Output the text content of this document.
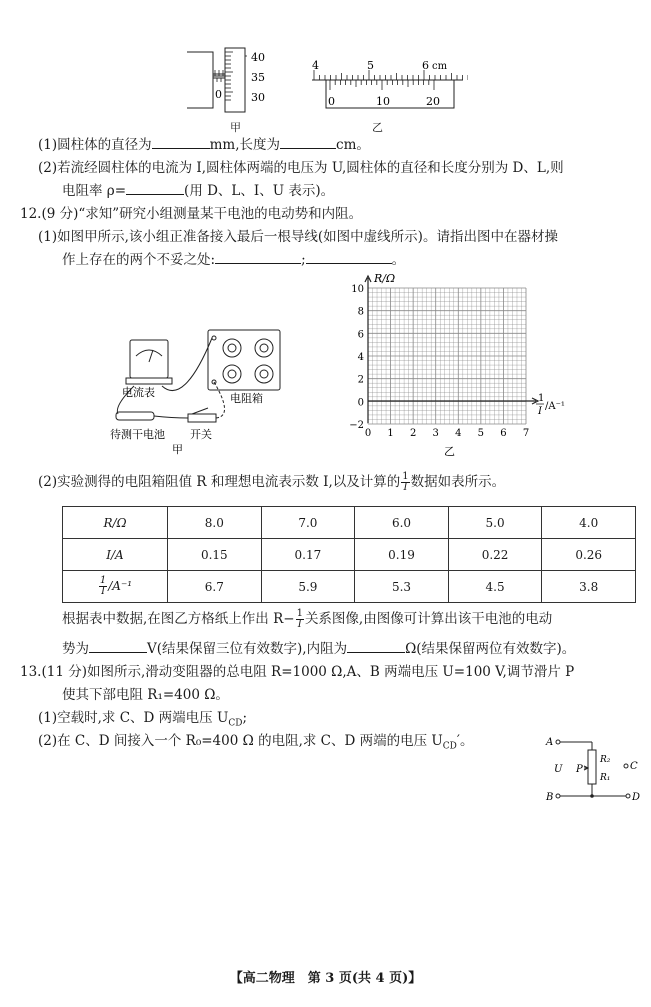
40
35
30
0
甲
4	5	6 cm
0	10	20
乙
(1)圆柱体的直径为	mm,长度为	cm。
(2)若流经圆柱体的电流为 I,圆柱体两端的电压为 U,圆柱体的直径和长度分别为 D、L,则
电阻率 ρ=	(用 D、L、I、U 表示)。
12.(9 分)“求知”研究小组测量某干电池的电动势和内阻。
(1)如图甲所示,该小组正准备接入最后一根导线(如图中虚线所示)。请指出图中在器材操
作上存在的两个不妥之处:	;	。
电流表	电阻箱
待测干电池 开关
甲
R/Ω
1
I /A⁻¹
10
8
6
4
2
0
−2
0 1 2 3 4 5 6 7
乙
(2)实验测得的电阻箱阻值 R 和理想电流表示数 I,以及计算的 $\frac{1}{I}$ 数据如表所示。
R/Ω	8.0	7.0	6.0	5.0	4.0
I/A	0.15	0.17	0.19	0.22	0.26

$\frac{1}{I} /A^{-1}$	6.7	5.9	5.3	4.5	3.8
根据表中数据,在图乙方格纸上作出 $R- \frac{1}{I}$ 关系图像,由图像可计算出该干电池的电动
势为	V(结果保留三位有效数字),内阻为	Ω(结果保留两位有效数字)。
13.(11 分)如图所示,滑动变阻器的总电阻 R=1000 Ω,A、B 两端电压 U=100 V,调节滑片 P
使其下部电阻 R₁=400 Ω。
(1)空载时,求 C、D 两端电压 $U_{CD}$;
(2)在 C、D 间接入一个 R₀=400 Ω 的电阻,求 C、D 两端的电压 $U_{CD}'$。	A
B
C
D
U P
R₂
R₁
【高二物理　第 3 页(共 4 页)】
